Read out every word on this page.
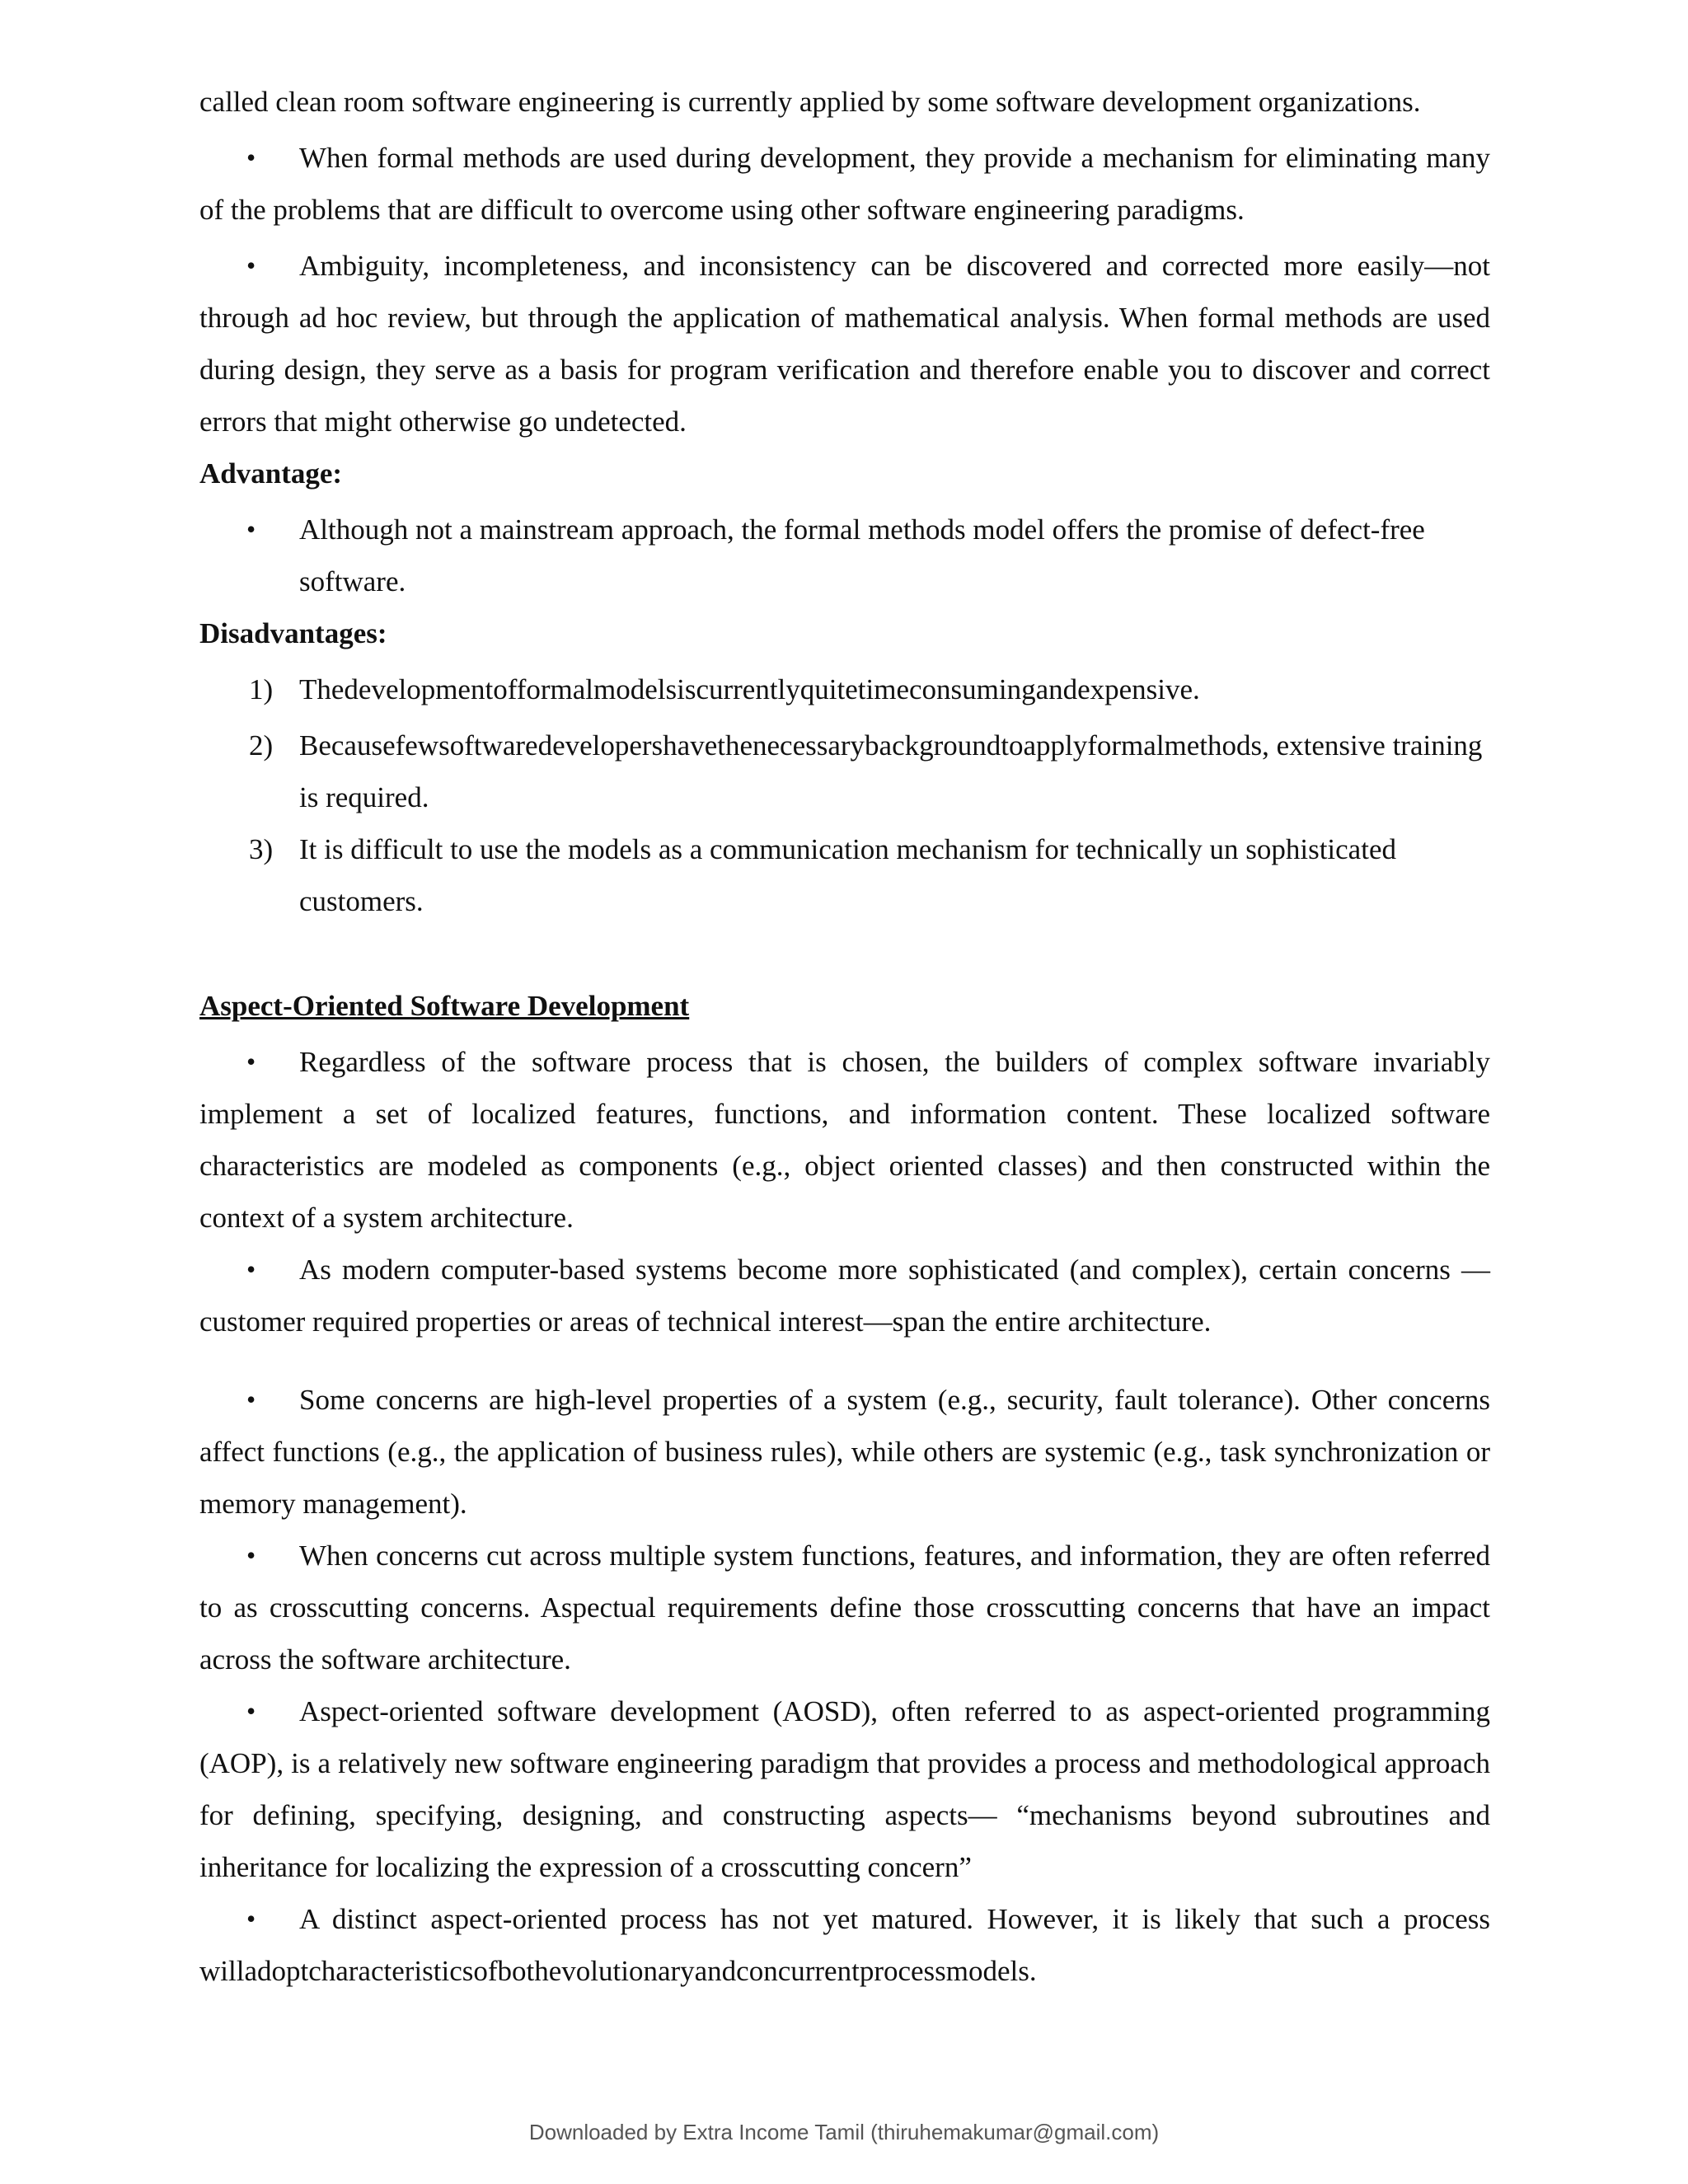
called clean room software engineering is currently applied by some software development organizations.

• When formal methods are used during development, they provide a mechanism for eliminating many of the problems that are difficult to overcome using other software engineering paradigms.

• Ambiguity, incompleteness, and inconsistency can be discovered and corrected more easily—not through ad hoc review, but through the application of mathematical analysis. When formal methods are used during design, they serve as a basis for program verification and therefore enable you to discover and correct errors that might otherwise go undetected.

Advantage:

• Although not a mainstream approach, the formal methods model offers the promise of defect-free software.

Disadvantages:

1) Thedevelopmentofformalmodelsiscurrentlyquitetimeconsumingandexpensive.

2) Becausefewsoftwaredevelopershavethenecessarybackgroundtoapplyformalmethods, extensive training is required.

3) It is difficult to use the models as a communication mechanism for technically un sophisticated customers.

Aspect-Oriented Software Development

• Regardless of the software process that is chosen, the builders of complex software invariably implement a set of localized features, functions, and information content. These localized software characteristics are modeled as components (e.g., object oriented classes) and then constructed within the context of a system architecture.

• As modern computer-based systems become more sophisticated (and complex), certain concerns —customer required properties or areas of technical interest—span the entire architecture.

• Some concerns are high-level properties of a system (e.g., security, fault tolerance). Other concerns affect functions (e.g., the application of business rules), while others are systemic (e.g., task synchronization or memory management).

• When concerns cut across multiple system functions, features, and information, they are often referred to as crosscutting concerns. Aspectual requirements define those crosscutting concerns that have an impact across the software architecture.

• Aspect-oriented software development (AOSD), often referred to as aspect-oriented programming (AOP), is a relatively new software engineering paradigm that provides a process and methodological approach for defining, specifying, designing, and constructing aspects— “mechanisms beyond subroutines and inheritance for localizing the expression of a crosscutting concern”

• A distinct aspect-oriented process has not yet matured. However, it is likely that such a process willadoptcharacteristicsofbothevolutionaryandconcurrentprocessmodels.

Downloaded by Extra Income Tamil (thiruhemakumar@gmail.com)
